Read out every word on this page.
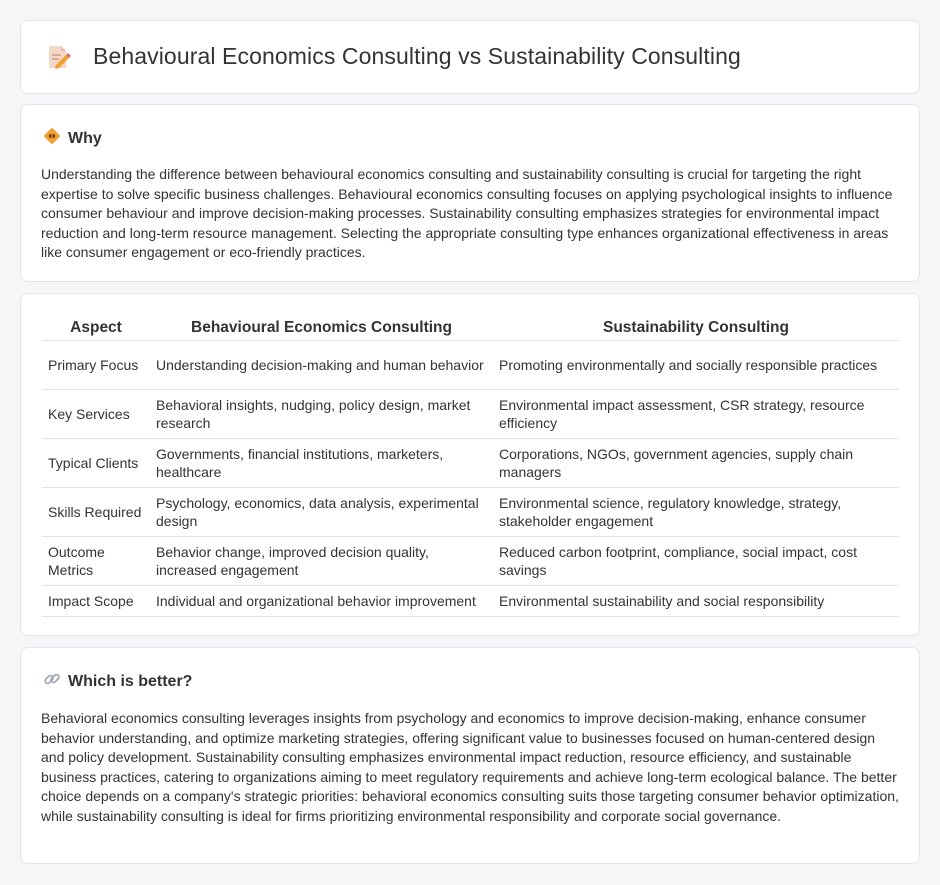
Behavioural Economics Consulting vs Sustainability Consulting
Why

Understanding the difference between behavioural economics consulting and sustainability consulting is crucial for targeting the right expertise to solve specific business challenges. Behavioural economics consulting focuses on applying psychological insights to influence consumer behaviour and improve decision-making processes. Sustainability consulting emphasizes strategies for environmental impact reduction and long-term resource management. Selecting the appropriate consulting type enhances organizational effectiveness in areas like consumer engagement or eco-friendly practices.

Aspect	Behavioural Economics Consulting	Sustainability Consulting
Primary Focus	Understanding decision-making and human behavior	Promoting environmentally and socially responsible practices
Key Services	Behavioral insights, nudging, policy design, market research	Environmental impact assessment, CSR strategy, resource efficiency
Typical Clients	Governments, financial institutions, marketers, healthcare	Corporations, NGOs, government agencies, supply chain managers
Skills Required	Psychology, economics, data analysis, experimental design	Environmental science, regulatory knowledge, strategy, stakeholder engagement
Outcome Metrics	Behavior change, improved decision quality, increased engagement	Reduced carbon footprint, compliance, social impact, cost savings
Impact Scope	Individual and organizational behavior improvement	Environmental sustainability and social responsibility
Which is better?

Behavioral economics consulting leverages insights from psychology and economics to improve decision-making, enhance consumer behavior understanding, and optimize marketing strategies, offering significant value to businesses focused on human-centered design and policy development. Sustainability consulting emphasizes environmental impact reduction, resource efficiency, and sustainable business practices, catering to organizations aiming to meet regulatory requirements and achieve long-term ecological balance. The better choice depends on a company's strategic priorities: behavioral economics consulting suits those targeting consumer behavior optimization, while sustainability consulting is ideal for firms prioritizing environmental responsibility and corporate social governance.
